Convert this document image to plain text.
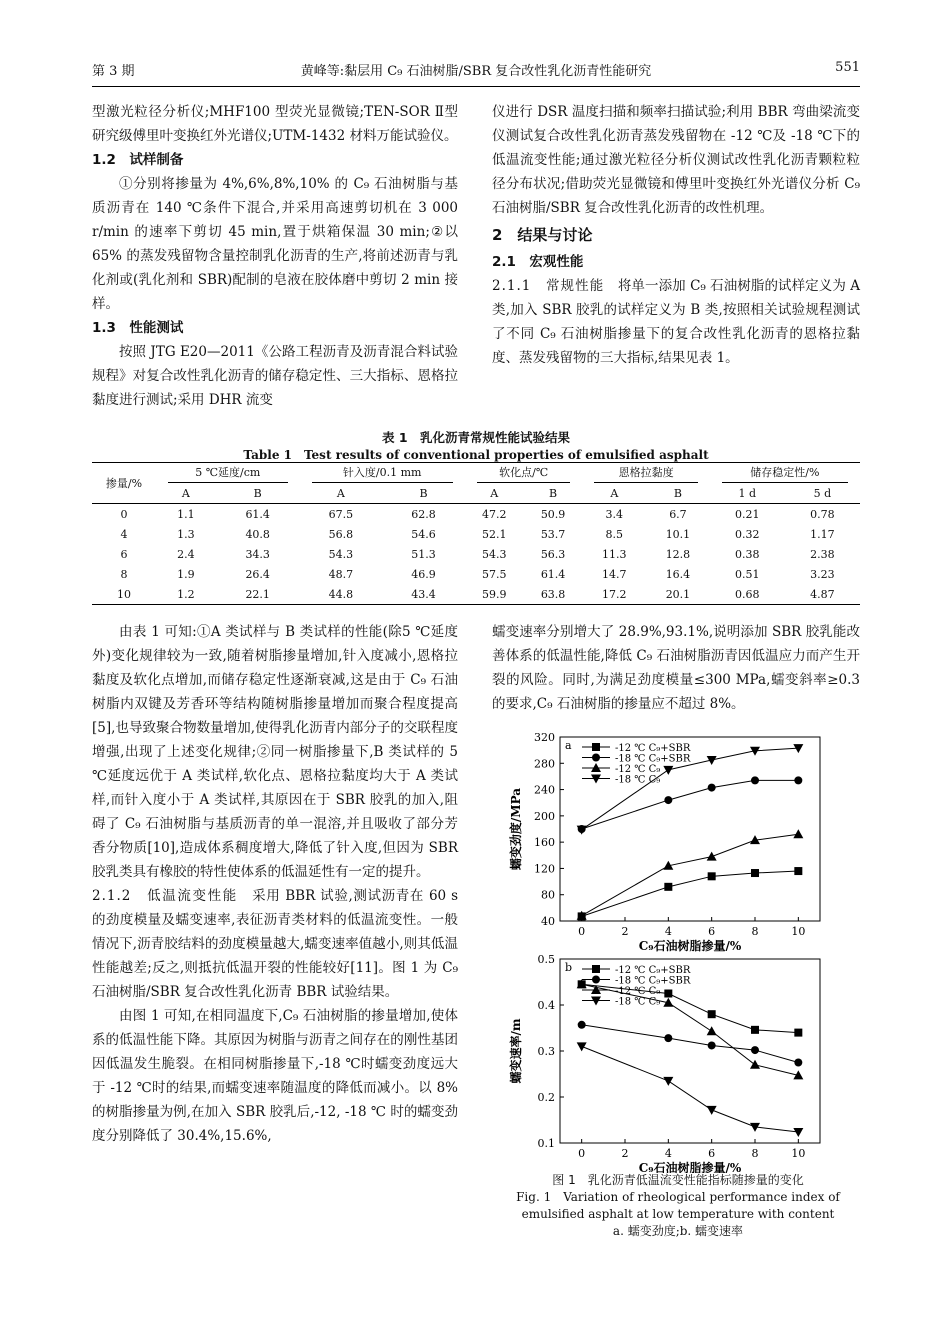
第 3 期	黄峰等:黏层用 C₉ 石油树脂/SBR 复合改性乳化沥青性能研究	551

型激光粒径分析仪;MHF100 型荧光显微镜;TEN-SOR Ⅱ型研究级傅里叶变换红外光谱仪;UTM-1432 材料万能试验仪。

1.2　试样制备

①分别将掺量为 4%,6%,8%,10% 的 C₉ 石油树脂与基质沥青在 140 ℃条件下混合,并采用高速剪切机在 3 000 r/min 的速率下剪切 45 min,置于烘箱保温 30 min;②以 65% 的蒸发残留物含量控制乳化沥青的生产,将前述沥青与乳化剂或(乳化剂和 SBR)配制的皂液在胶体磨中剪切 2 min 接样。

1.3　性能测试

按照 JTG E20—2011《公路工程沥青及沥青混合料试验规程》对复合改性乳化沥青的储存稳定性、三大指标、恩格拉黏度进行测试;采用 DHR 流变

仪进行 DSR 温度扫描和频率扫描试验;利用 BBR 弯曲梁流变仪测试复合改性乳化沥青蒸发残留物在 -12 ℃及 -18 ℃下的低温流变性能;通过激光粒径分析仪测试改性乳化沥青颗粒粒径分布状况;借助荧光显微镜和傅里叶变换红外光谱仪分析 C₉ 石油树脂/SBR 复合改性乳化沥青的改性机理。

2　结果与讨论
2.1　宏观性能

2.1.1　常规性能　 将单一添加 C₉ 石油树脂的试样定义为 A 类,加入 SBR 胶乳的试样定义为 B 类,按照相关试验规程测试了不同 C₉ 石油树脂掺量下的复合改性乳化沥青的恩格拉黏度、蒸发残留物的三大指标,结果见表 1。

表 1　乳化沥青常规性能试验结果
Table 1　Test results of conventional properties of emulsified asphalt
掺量/%	5 ℃延度/cm		针入度/0.1 mm		软化点/℃		恩格拉黏度		储存稳定性/%	

	A	B	A	B	A	B	A	B	1 d	5 d
0	1.1	61.4	67.5	62.8	47.2	50.9	3.4	6.7	0.21	0.78
4	1.3	40.8	56.8	54.6	52.1	53.7	8.5	10.1	0.32	1.17
6	2.4	34.3	54.3	51.3	54.3	56.3	11.3	12.8	0.38	2.38
8	1.9	26.4	48.7	46.9	57.5	61.4	14.7	16.4	0.51	3.23
10	1.2	22.1	44.8	43.4	59.9	63.8	17.2	20.1	0.68	4.87

由表 1 可知:①A 类试样与 B 类试样的性能(除5 ℃延度外)变化规律较为一致,随着树脂掺量增加,针入度减小,恩格拉黏度及软化点增加,而储存稳定性逐渐衰减,这是由于 C₉ 石油树脂内双键及芳香环等结构随树脂掺量增加而聚合程度提高[5],也导致聚合物数量增加,使得乳化沥青内部分子的交联程度增强,出现了上述变化规律;②同一树脂掺量下,B 类试样的 5 ℃延度远优于 A 类试样,软化点、恩格拉黏度均大于 A 类试样,而针入度小于 A 类试样,其原因在于 SBR 胶乳的加入,阻碍了 C₉ 石油树脂与基质沥青的单一混溶,并且吸收了部分芳香分物质[10],造成体系稠度增大,降低了针入度,但因为 SBR 胶乳类具有橡胶的特性使体系的低温延性有一定的提升。

2.1.2　低温流变性能　 采用 BBR 试验,测试沥青在 60 s 的劲度模量及蠕变速率,表征沥青类材料的低温流变性。一般情况下,沥青胶结料的劲度模量越大,蠕变速率值越小,则其低温性能越差;反之,则抵抗低温开裂的性能较好[11]。图 1 为 C₉ 石油树脂/SBR 复合改性乳化沥青 BBR 试验结果。

由图 1 可知,在相同温度下,C₉ 石油树脂的掺量增加,使体系的低温性能下降。其原因为树脂与沥青之间存在的刚性基团因低温发生脆裂。在相同树脂掺量下,-18 ℃时蠕变劲度远大于 -12 ℃时的结果,而蠕变速率随温度的降低而减小。以 8% 的树脂掺量为例,在加入 SBR 胶乳后,-12, -18 ℃ 时的蠕变劲度分别降低了 30.4%,15.6%,

蠕变速率分别增大了 28.9%,93.1%,说明添加 SBR 胶乳能改善体系的低温性能,降低 C₉ 石油树脂沥青因低温应力而产生开裂的风险。同时,为满足劲度模量≤300 MPa,蠕变斜率≥0.3 的要求,C₉ 石油树脂的掺量应不超过 8%。

0	2	4	6	8	10
40
80
120
160
200
240
280
320
C₉石油树脂掺量/%
蠕变劲度/MPa
a	-12 ℃ C₉+SBR
-18 ℃ C₉+SBR
-12 ℃ C₉
-18 ℃ C₉
0	2	4	6	8	10
0.1
0.2
0.3
0.4
0.5
C₉石油树脂掺量/%
蠕变速率/m
b	-12 ℃ C₉+SBR
-18 ℃ C₉+SBR
-12 ℃ C₉
-18 ℃ C₉
图 1　乳化沥青低温流变性能指标随掺量的变化
Fig. 1　Variation of rheological performance index of
emulsified asphalt at low temperature with content
a. 蠕变劲度;b. 蠕变速率
